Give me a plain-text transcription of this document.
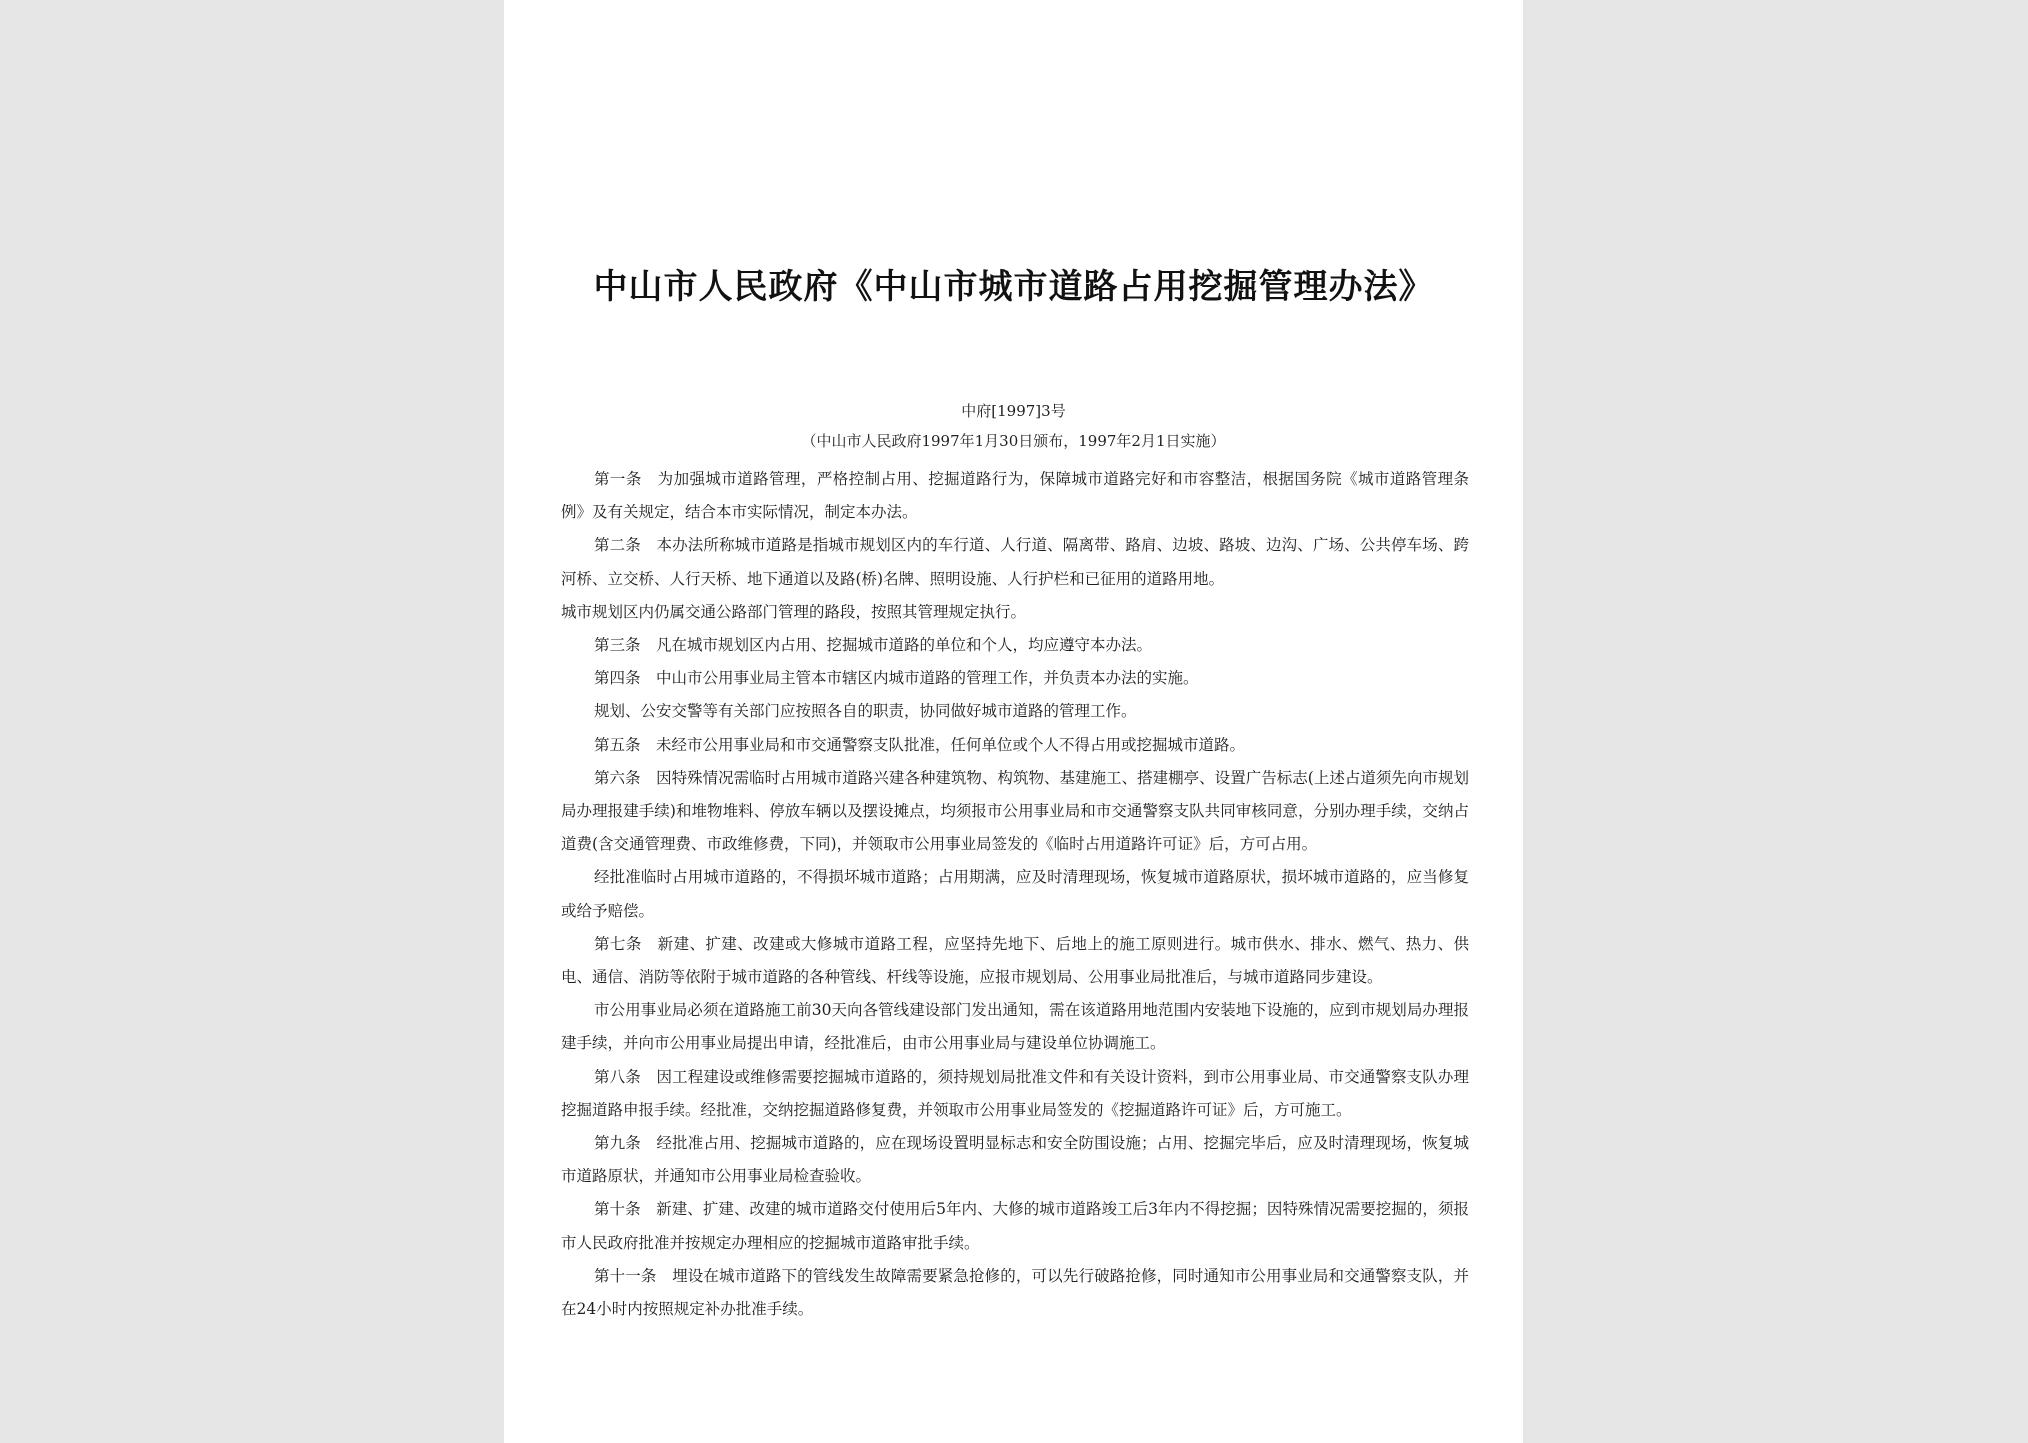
中山市人民政府《中山市城市道路占用挖掘管理办法》
中府[1997]3号
（中山市人民政府1997年1月30日颁布，1997年2月1日实施）

第一条　为加强城市道路管理，严格控制占用、挖掘道路行为，保障城市道路完好和市容整洁，根据国务院《城市道路管理条例》及有关规定，结合本市实际情况，制定本办法。

第二条　本办法所称城市道路是指城市规划区内的车行道、人行道、隔离带、路肩、边坡、路坡、边沟、广场、公共停车场、跨河桥、立交桥、人行天桥、地下通道以及路(桥)名牌、照明设施、人行护栏和已征用的道路用地。

城市规划区内仍属交通公路部门管理的路段，按照其管理规定执行。

第三条　凡在城市规划区内占用、挖掘城市道路的单位和个人，均应遵守本办法。

第四条　中山市公用事业局主管本市辖区内城市道路的管理工作，并负责本办法的实施。

规划、公安交警等有关部门应按照各自的职责，协同做好城市道路的管理工作。

第五条　未经市公用事业局和市交通警察支队批准，任何单位或个人不得占用或挖掘城市道路。

第六条　因特殊情况需临时占用城市道路兴建各种建筑物、构筑物、基建施工、搭建棚亭、设置广告标志(上述占道须先向市规划局办理报建手续)和堆物堆料、停放车辆以及摆设摊点，均须报市公用事业局和市交通警察支队共同审核同意，分别办理手续，交纳占道费(含交通管理费、市政维修费，下同)，并领取市公用事业局签发的《临时占用道路许可证》后，方可占用。

经批准临时占用城市道路的，不得损坏城市道路；占用期满，应及时清理现场，恢复城市道路原状，损坏城市道路的，应当修复或给予赔偿。

第七条　新建、扩建、改建或大修城市道路工程，应坚持先地下、后地上的施工原则进行。城市供水、排水、燃气、热力、供电、通信、消防等依附于城市道路的各种管线、杆线等设施，应报市规划局、公用事业局批准后，与城市道路同步建设。

市公用事业局必须在道路施工前30天向各管线建设部门发出通知，需在该道路用地范围内安装地下设施的，应到市规划局办理报建手续，并向市公用事业局提出申请，经批准后，由市公用事业局与建设单位协调施工。

第八条　因工程建设或维修需要挖掘城市道路的，须持规划局批准文件和有关设计资料，到市公用事业局、市交通警察支队办理挖掘道路申报手续。经批准，交纳挖掘道路修复费，并领取市公用事业局签发的《挖掘道路许可证》后，方可施工。

第九条　经批准占用、挖掘城市道路的，应在现场设置明显标志和安全防围设施；占用、挖掘完毕后，应及时清理现场，恢复城市道路原状，并通知市公用事业局检查验收。

第十条　新建、扩建、改建的城市道路交付使用后5年内、大修的城市道路竣工后3年内不得挖掘；因特殊情况需要挖掘的，须报市人民政府批准并按规定办理相应的挖掘城市道路审批手续。

第十一条　埋设在城市道路下的管线发生故障需要紧急抢修的，可以先行破路抢修，同时通知市公用事业局和交通警察支队，并在24小时内按照规定补办批准手续。
